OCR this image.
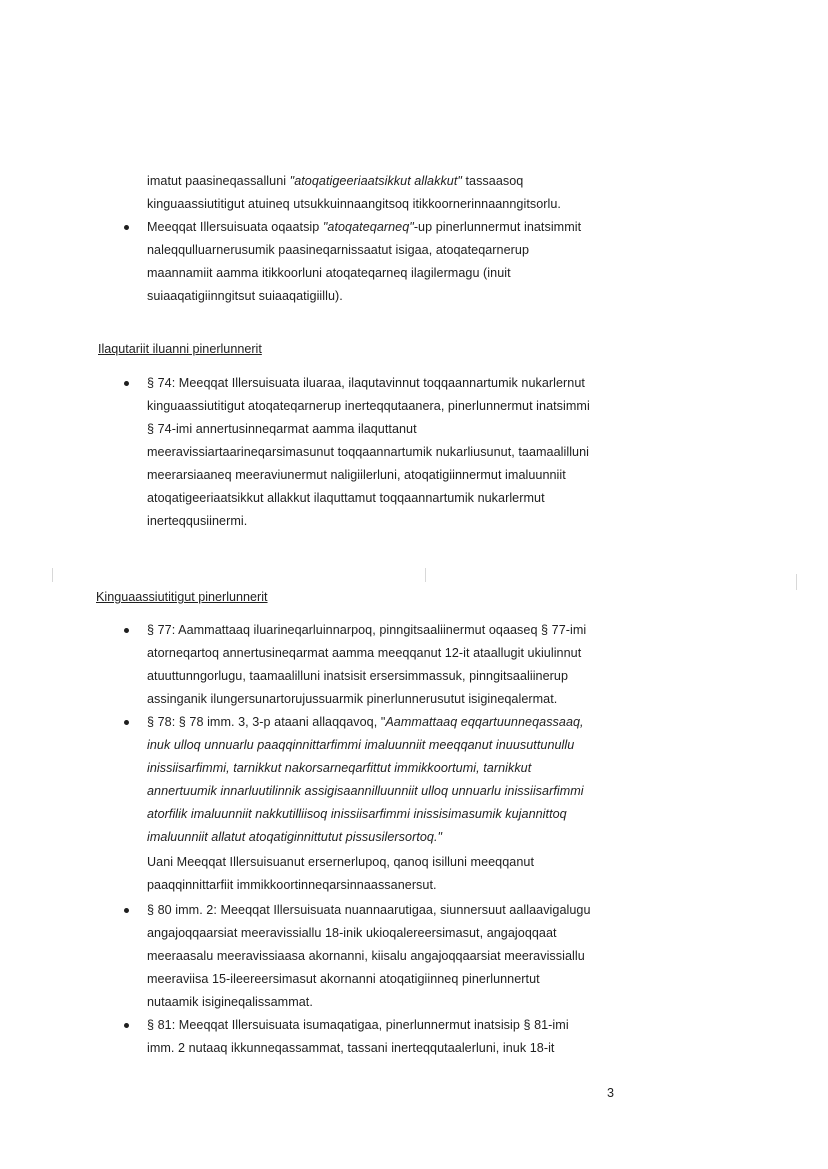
imatut paasineqassalluni "atoqatigeeriaatsikkut allakkut" tassaasoq
kinguaassiutitigut atuineq utsukkuinnaangitsoq itikkoornerinnaanngitsorlu.
Meeqqat Illersuisuata oqaatsip "atoqateqarneq"-up pinerlunnermut inatsimmit
naleqqulluarnerusumik paasineqarnissaatut isigaa, atoqateqarnerup
maannamiit aamma itikkoorluni atoqateqarneq ilagilermagu (inuit
suiaaqatigiinngitsut suiaaqatigiillu).
Ilaqutariit iluanni pinerlunnerit
§ 74: Meeqqat Illersuisuata iluaraa, ilaqutavinnut toqqaannartumik nukarlernut
kinguaassiutitigut atoqateqarnerup inerteqqutaanera, pinerlunnermut inatsimmi
§ 74-imi annertusinneqarmat aamma ilaquttanut
meeravissiartaarineqarsimasunut toqqaannartumik nukarliusunut, taamaalilluni
meerarsiaaneq meeraviunermut naligiilerluni, atoqatigiinnermut imaluunniit
atoqatigeeriaatsikkut allakkut ilaquttamut toqqaannartumik nukarlermut
inerteqqusiinermi.
Kinguaassiutitigut pinerlunnerit
§ 77: Aammattaaq iluarineqarluinnarpoq, pinngitsaaliinermut oqaaseq § 77-imi
atorneqartoq annertusineqarmat aamma meeqqanut 12-it ataallugit ukiulinnut
atuuttunngorlugu, taamaalilluni inatsisit ersersimmassuk, pinngitsaaliinerup
assinganik ilungersunartorujussuarmik pinerlunnerusutut isigineqalermat.
§ 78: § 78 imm. 3, 3-p ataani allaqqavoq, "Aammattaaq eqqartuunneqassaaq,
inuk ulloq unnuarlu paaqqinnittarfimmi imaluunniit meeqqanut inuusuttunullu
inissiisarfimmi, tarnikkut nakorsarneqarfittut immikkoortumi, tarnikkut
annertuumik innarluutilinnik assigisaannilluunniit ulloq unnuarlu inissiisarfimmi
atorfilik imaluunniit nakkutilliisoq inissiisarfimmi inissisimasumik kujannittoq
imaluunniit allatut atoqatiginnittutut pissusilersortoq."
Uani Meeqqat Illersuisuanut ersernerlupoq, qanoq isilluni meeqqanut
paaqqinnittarfiit immikkoortinneqarsinnaassanersut.
§ 80 imm. 2: Meeqqat Illersuisuata nuannaarutigaa, siunnersuut aallaavigalugu
angajoqqaarsiat meeravissiallu 18-inik ukioqalereersimasut, angajoqqaat
meeraasalu meeravissiaasa akornanni, kiisalu angajoqqaarsiat meeravissiallu
meeraviisa 15-ileereersimasut akornanni atoqatigiinneq pinerlunnertut
nutaamik isigineqalissammat.
§ 81: Meeqqat Illersuisuata isumaqatigaa, pinerlunnermut inatsisip § 81-imi
imm. 2 nutaaq ikkunneqassammat, tassani inerteqqutaalerluni, inuk 18-it
3
